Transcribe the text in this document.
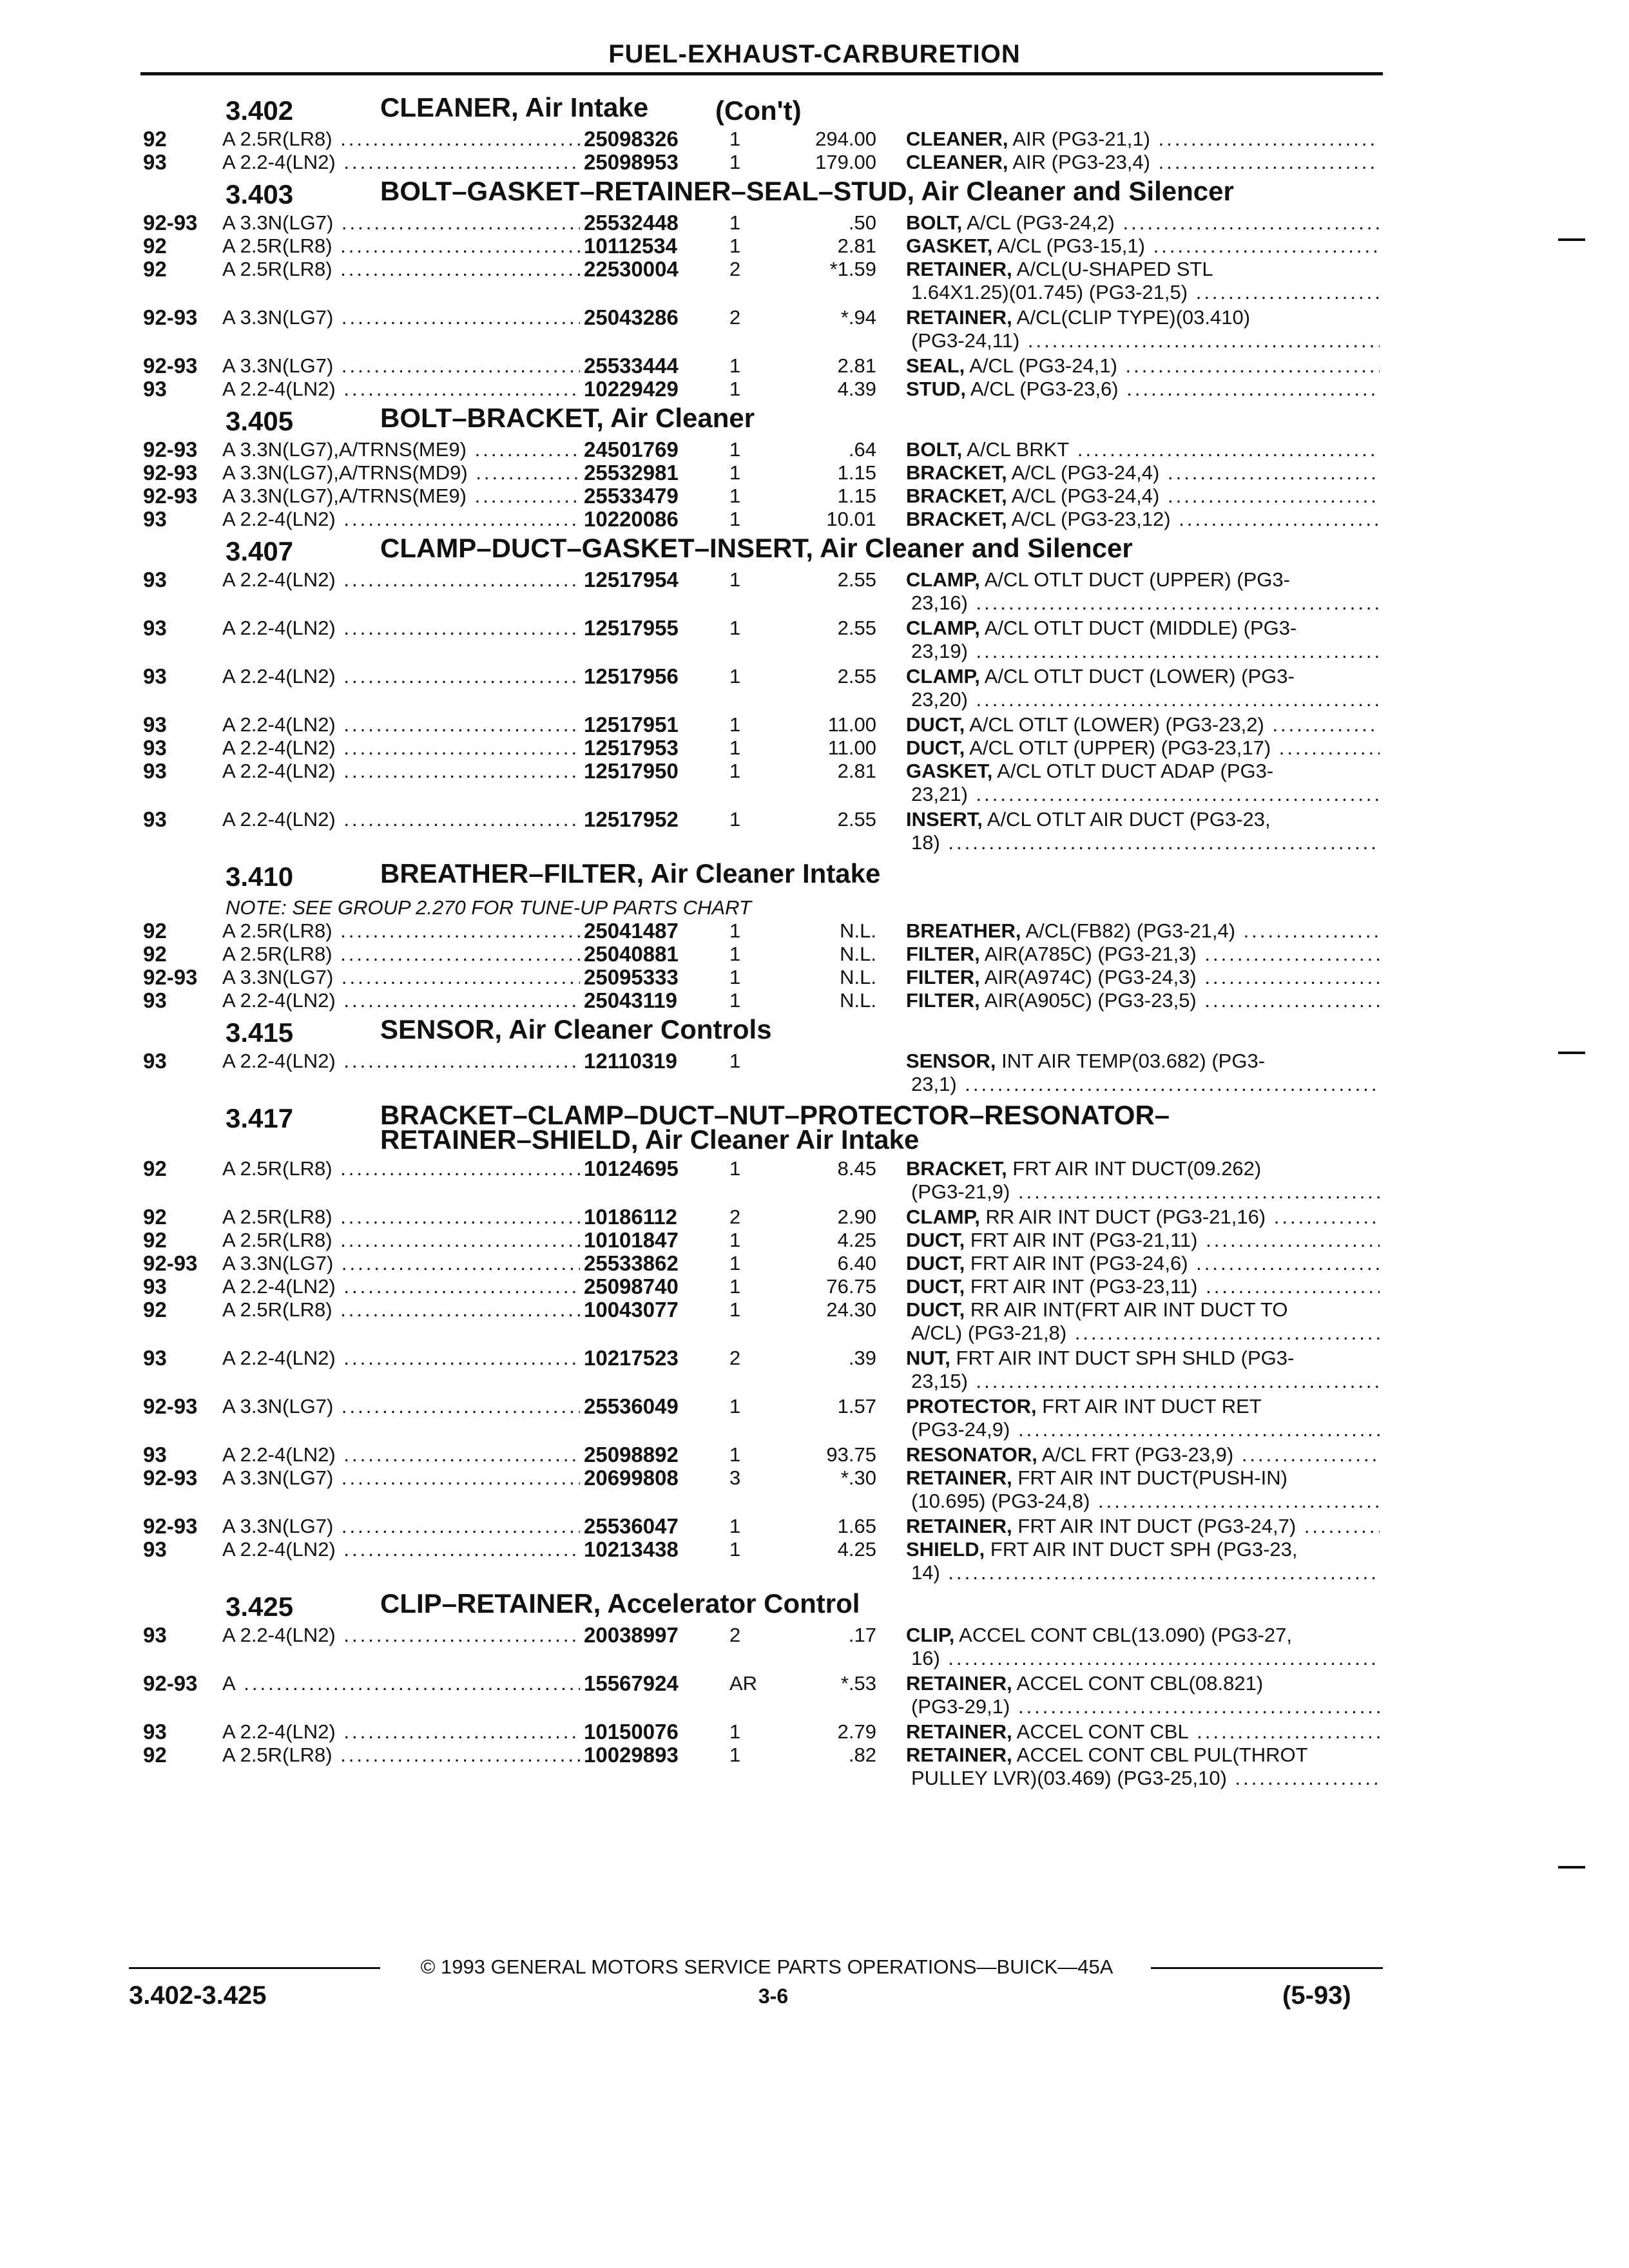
FUEL-EXHAUST-CARBURETION
3.402	CLEANER, Air Intake (Con't)
92	A 2.5R(LR8) .....	25098326	1	294.00 CLEANER, AIR (PG3-21,1) .....
93	A 2.2-4(LN2) .....	25098953	1	179.00 CLEANER, AIR (PG3-23,4) .....
3.403	BOLT–GASKET–RETAINER–SEAL–STUD, Air Cleaner and Silencer
92-93 A 3.3N(LG7) .....	25532448	1	.50 BOLT, A/CL (PG3-24,2) .....
92	A 2.5R(LR8) .....	10112534	1	2.81 GASKET, A/CL (PG3-15,1) .....
92	A 2.5R(LR8) .....	22530004	2	*1.59 RETAINER, A/CL(U-SHAPED STL
1.64X1.25)(01.745) (PG3-21,5) .....
92-93 A 3.3N(LG7) .....	25043286	2	*.94 RETAINER, A/CL(CLIP TYPE)(03.410)
(PG3-24,11) .....
92-93 A 3.3N(LG7) .....	25533444	1	2.81 SEAL, A/CL (PG3-24,1) .....
93	A 2.2-4(LN2) .....	10229429	1	4.39 STUD, A/CL (PG3-23,6) .....
3.405	BOLT–BRACKET, Air Cleaner
92-93 A 3.3N(LG7),A/TRNS(ME9) .....	24501769	1	.64 BOLT, A/CL BRKT .....
92-93 A 3.3N(LG7),A/TRNS(MD9) .....	25532981	1	1.15 BRACKET, A/CL (PG3-24,4) .....
92-93 A 3.3N(LG7),A/TRNS(ME9) .....	25533479	1	1.15 BRACKET, A/CL (PG3-24,4) .....
93	A 2.2-4(LN2) .....	10220086	1	10.01 BRACKET, A/CL (PG3-23,12) .....
3.407	CLAMP–DUCT–GASKET–INSERT, Air Cleaner and Silencer
93	A 2.2-4(LN2) .....	12517954	1	2.55 CLAMP, A/CL OTLT DUCT (UPPER) (PG3-
23,16) .....
93	A 2.2-4(LN2) .....	12517955	1	2.55 CLAMP, A/CL OTLT DUCT (MIDDLE) (PG3-
23,19) .....
93	A 2.2-4(LN2) .....	12517956	1	2.55 CLAMP, A/CL OTLT DUCT (LOWER) (PG3-
23,20) .....
93	A 2.2-4(LN2) .....	12517951	1	11.00 DUCT, A/CL OTLT (LOWER) (PG3-23,2) .....
93	A 2.2-4(LN2) .....	12517953	1	11.00 DUCT, A/CL OTLT (UPPER) (PG3-23,17) .....
93	A 2.2-4(LN2) .....	12517950	1	2.81 GASKET, A/CL OTLT DUCT ADAP (PG3-
23,21) .....
93	A 2.2-4(LN2) .....	12517952	1	2.55 INSERT, A/CL OTLT AIR DUCT (PG3-23,
18) .....
3.410	BREATHER–FILTER, Air Cleaner Intake
NOTE: SEE GROUP 2.270 FOR TUNE-UP PARTS CHART
92	A 2.5R(LR8) .....	25041487	1	N.L. BREATHER, A/CL(FB82) (PG3-21,4) .....
92	A 2.5R(LR8) .....	25040881	1	N.L. FILTER, AIR(A785C) (PG3-21,3) .....
92-93 A 3.3N(LG7) .....	25095333	1	N.L. FILTER, AIR(A974C) (PG3-24,3) .....
93	A 2.2-4(LN2) .....	25043119	1	N.L. FILTER, AIR(A905C) (PG3-23,5) .....
3.415	SENSOR, Air Cleaner Controls
93	A 2.2-4(LN2) .....	12110319	1	SENSOR, INT AIR TEMP(03.682) (PG3-
23,1) .....
3.417	BRACKET–CLAMP–DUCT–NUT–PROTECTOR–RESONATOR–
RETAINER–SHIELD, Air Cleaner Air Intake
92	A 2.5R(LR8) .....	10124695	1	8.45 BRACKET, FRT AIR INT DUCT(09.262)
(PG3-21,9) .....
92	A 2.5R(LR8) .....	10186112	2	2.90 CLAMP, RR AIR INT DUCT (PG3-21,16) .....
92	A 2.5R(LR8) .....	10101847	1	4.25 DUCT, FRT AIR INT (PG3-21,11) .....
92-93 A 3.3N(LG7) .....	25533862	1	6.40 DUCT, FRT AIR INT (PG3-24,6) .....
93	A 2.2-4(LN2) .....	25098740	1	76.75 DUCT, FRT AIR INT (PG3-23,11) .....
92	A 2.5R(LR8) .....	10043077	1	24.30 DUCT, RR AIR INT(FRT AIR INT DUCT TO
A/CL) (PG3-21,8) .....
93	A 2.2-4(LN2) .....	10217523	2	.39 NUT, FRT AIR INT DUCT SPH SHLD (PG3-
23,15) .....
92-93 A 3.3N(LG7) .....	25536049	1	1.57 PROTECTOR, FRT AIR INT DUCT RET
(PG3-24,9) .....
93	A 2.2-4(LN2) .....	25098892	1	93.75 RESONATOR, A/CL FRT (PG3-23,9) .....
92-93 A 3.3N(LG7) .....	20699808	3	*.30 RETAINER, FRT AIR INT DUCT(PUSH-IN)
(10.695) (PG3-24,8) .....
92-93 A 3.3N(LG7) .....	25536047	1	1.65 RETAINER, FRT AIR INT DUCT (PG3-24,7) .....
93	A 2.2-4(LN2) .....	10213438	1	4.25 SHIELD, FRT AIR INT DUCT SPH (PG3-23,
14) .....
3.425	CLIP–RETAINER, Accelerator Control
93	A 2.2-4(LN2) .....	20038997	2	.17 CLIP, ACCEL CONT CBL(13.090) (PG3-27,
16) .....
92-93 A .....	15567924	AR	*.53 RETAINER, ACCEL CONT CBL(08.821)
(PG3-29,1) .....
93	A 2.2-4(LN2) .....	10150076	1	2.79 RETAINER, ACCEL CONT CBL .....
92	A 2.5R(LR8) .....	10029893	1	.82 RETAINER, ACCEL CONT CBL PUL(THROT
PULLEY LVR)(03.469) (PG3-25,10) .....
© 1993 GENERAL MOTORS SERVICE PARTS OPERATIONS—BUICK—45A
3.402-3.425	3-6	(5-93)
